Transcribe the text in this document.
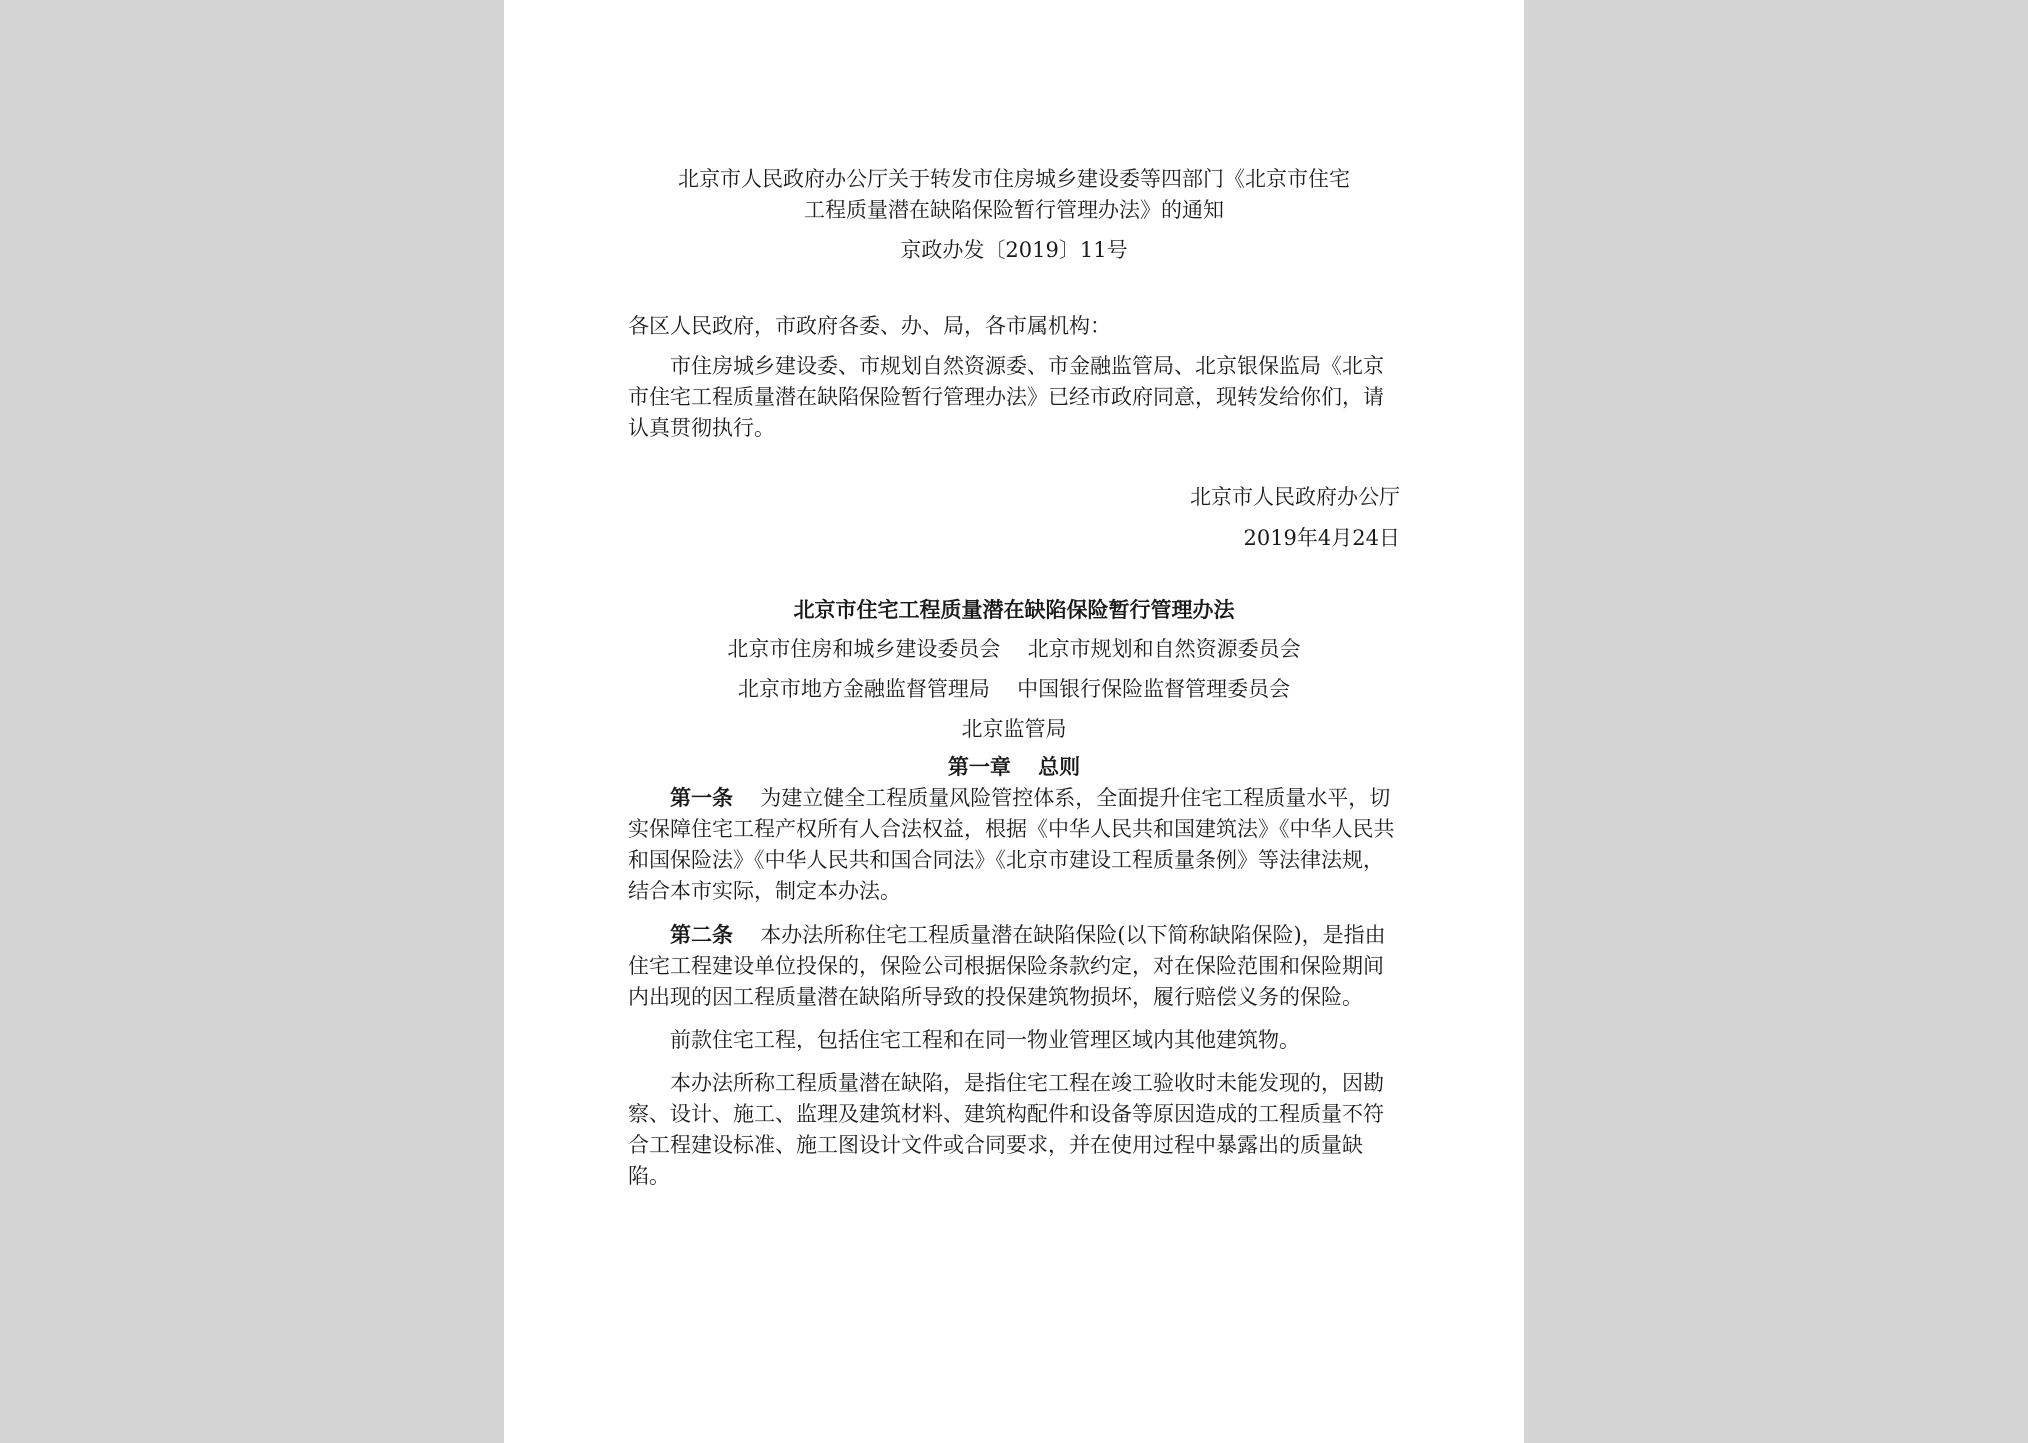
北京市人民政府办公厅关于转发市住房城乡建设委等四部门《北京市住宅
工程质量潜在缺陷保险暂行管理办法》的通知
京政办发〔2019〕11号

各区人民政府，市政府各委、办、局，各市属机构：

市住房城乡建设委、市规划自然资源委、市金融监管局、北京银保监局《北京市住宅工程质量潜在缺陷保险暂行管理办法》已经市政府同意，现转发给你们，请认真贯彻执行。

北京市人民政府办公厅

2019年4月24日

北京市住宅工程质量潜在缺陷保险暂行管理办法

北京市住房和城乡建设委员会 北京市规划和自然资源委员会

北京市地方金融监督管理局 中国银行保险监督管理委员会

北京监管局

第一章 总则

第一条 为建立健全工程质量风险管控体系，全面提升住宅工程质量水平，切实保障住宅工程产权所有人合法权益，根据《中华人民共和国建筑法》《中华人民共和国保险法》《中华人民共和国合同法》《北京市建设工程质量条例》等法律法规，结合本市实际，制定本办法。

第二条 本办法所称住宅工程质量潜在缺陷保险(以下简称缺陷保险)，是指由住宅工程建设单位投保的，保险公司根据保险条款约定，对在保险范围和保险期间内出现的因工程质量潜在缺陷所导致的投保建筑物损坏，履行赔偿义务的保险。

前款住宅工程，包括住宅工程和在同一物业管理区域内其他建筑物。

本办法所称工程质量潜在缺陷，是指住宅工程在竣工验收时未能发现的，因勘察、设计、施工、监理及建筑材料、建筑构配件和设备等原因造成的工程质量不符合工程建设标准、施工图设计文件或合同要求，并在使用过程中暴露出的质量缺陷。
